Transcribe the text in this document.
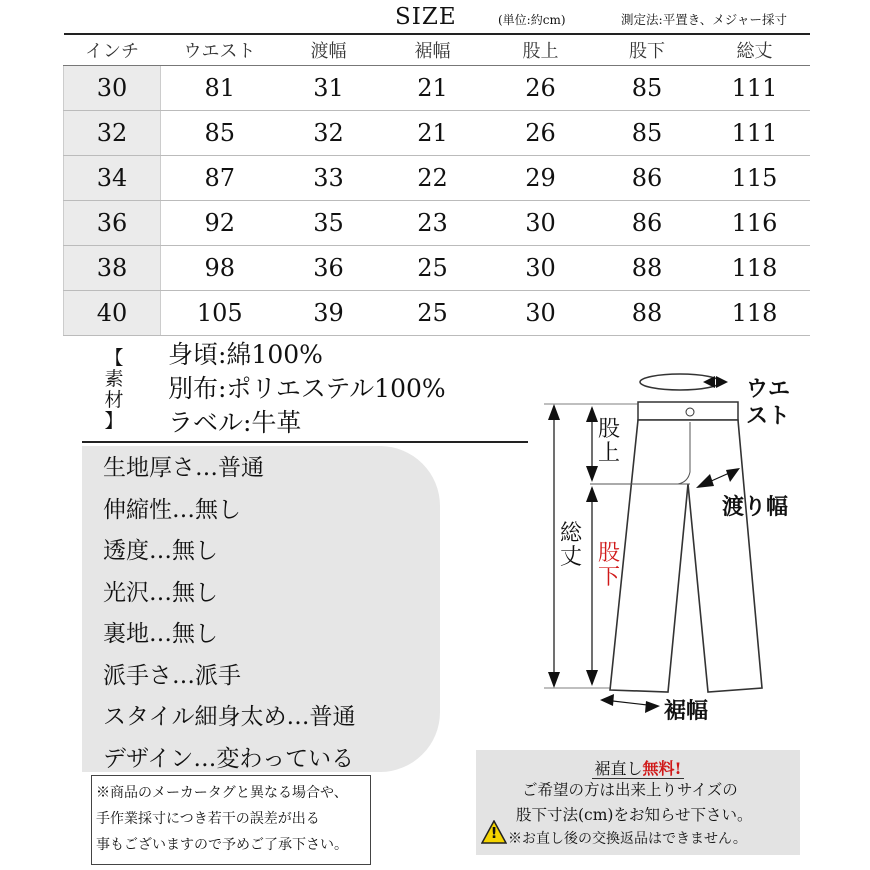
SIZE	(単位:約cm)	測定法:平置き、メジャー採寸
インチ	ウエスト	渡幅	裾幅	股上	股下	総丈
30	81	31	21	26	85	111
32	85	32	21	26	85	111
34	87	33	22	29	86	115
36	92	35	23	30	86	116
38	98	36	25	30	88	118
40	105	39	25	30	88	118
【
素
材
】
身頃:綿100%
別布:ポリエステル100%
ラベル:牛革
生地厚さ…普通
伸縮性…無し
透度…無し
光沢…無し
裏地…無し
派手さ…派手
スタイル細身太め…普通
デザイン…変わっている
※商品のメーカータグと異なる場合や、
手作業採寸につき若干の誤差が出る
事もございますので予めご了承下さい。
ウエ
スト
股
上
総
丈 股
下
渡り幅
裾幅
裾直し無料!
ご希望の方は出来上りサイズの
股下寸法(cm)をお知らせ下さい。
! ※お直し後の交換返品はできません。
